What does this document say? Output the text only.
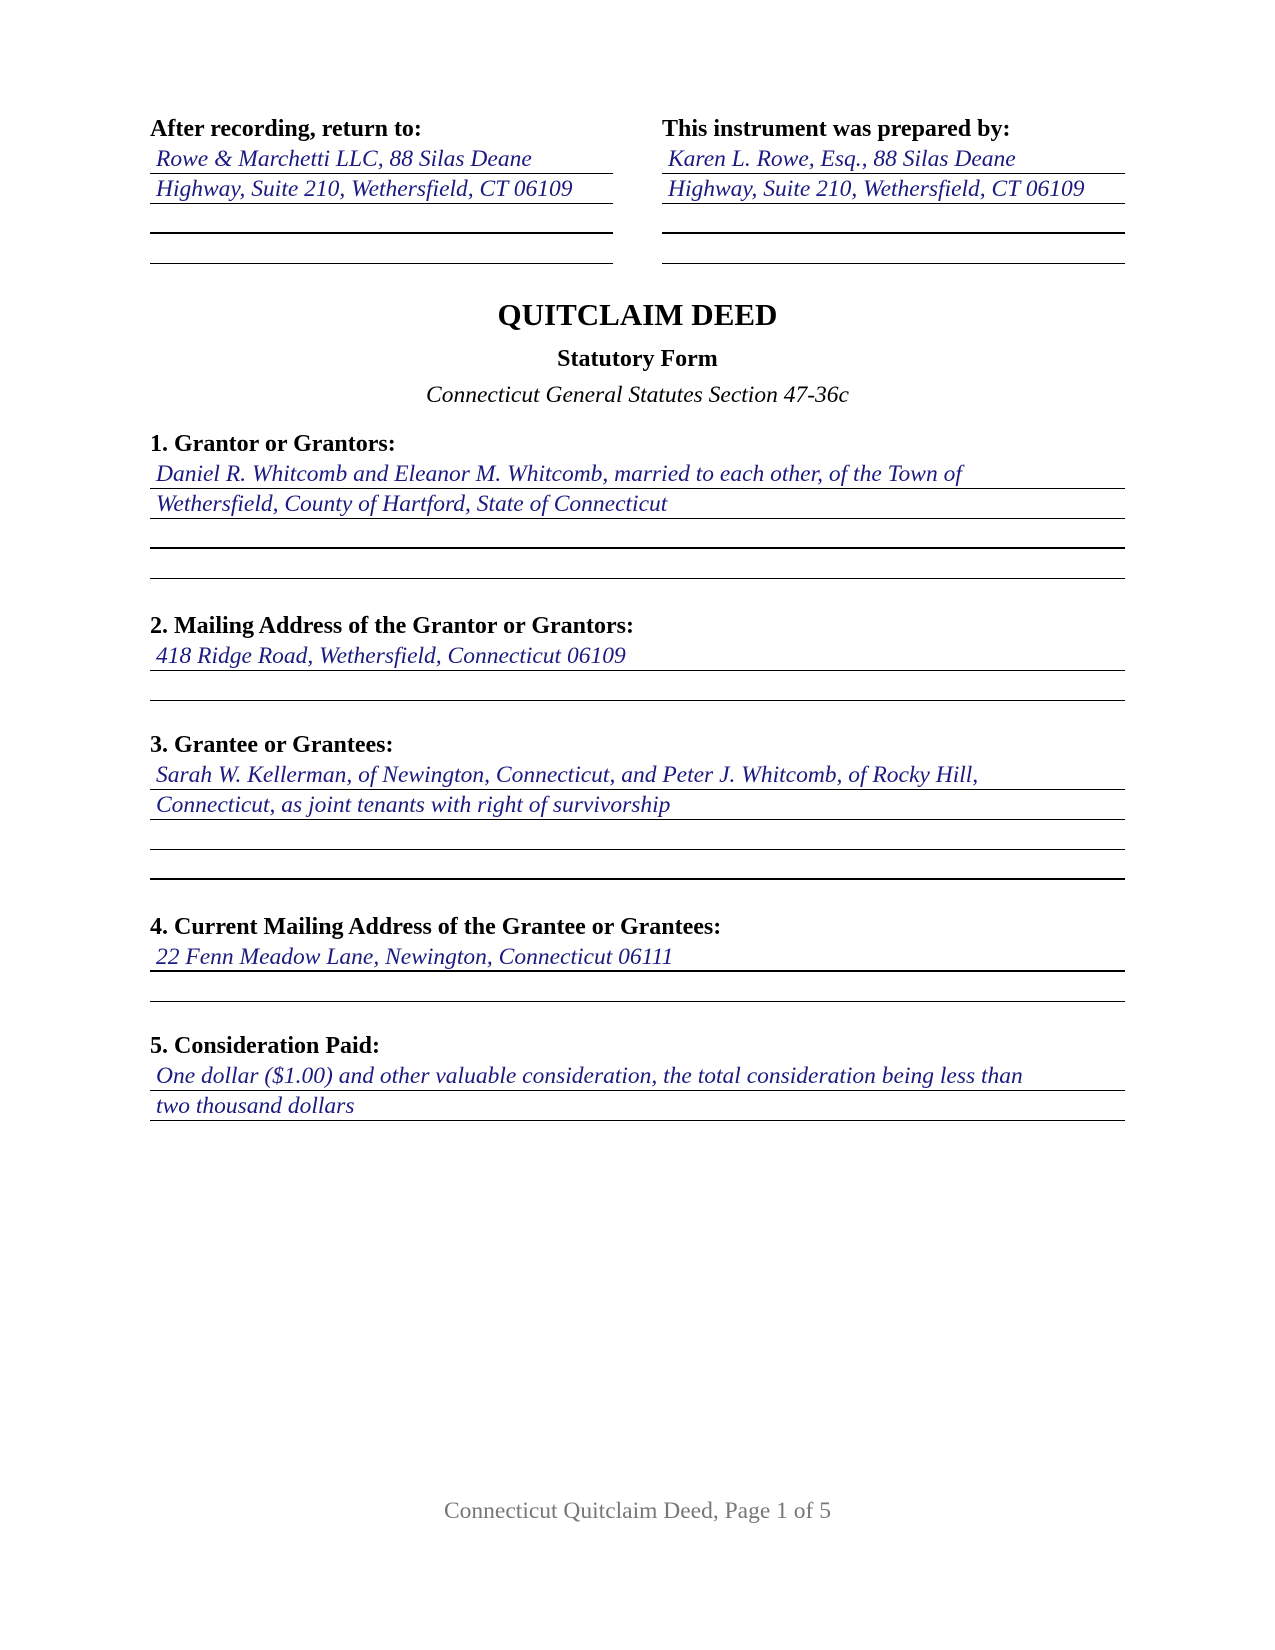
After recording, return to:
Rowe & Marchetti LLC, 88 Silas Deane
Highway, Suite 210, Wethersfield, CT 06109
This instrument was prepared by:
Karen L. Rowe, Esq., 88 Silas Deane
Highway, Suite 210, Wethersfield, CT 06109
QUITCLAIM DEED
Statutory Form
Connecticut General Statutes Section 47-36c
1. Grantor or Grantors:
Daniel R. Whitcomb and Eleanor M. Whitcomb, married to each other, of the Town of
Wethersfield, County of Hartford, State of Connecticut
2. Mailing Address of the Grantor or Grantors:
418 Ridge Road, Wethersfield, Connecticut 06109
3. Grantee or Grantees:
Sarah W. Kellerman, of Newington, Connecticut, and Peter J. Whitcomb, of Rocky Hill,
Connecticut, as joint tenants with right of survivorship
4. Current Mailing Address of the Grantee or Grantees:
22 Fenn Meadow Lane, Newington, Connecticut 06111
5. Consideration Paid:
One dollar ($1.00) and other valuable consideration, the total consideration being less than
two thousand dollars
Connecticut Quitclaim Deed, Page 1 of 5
